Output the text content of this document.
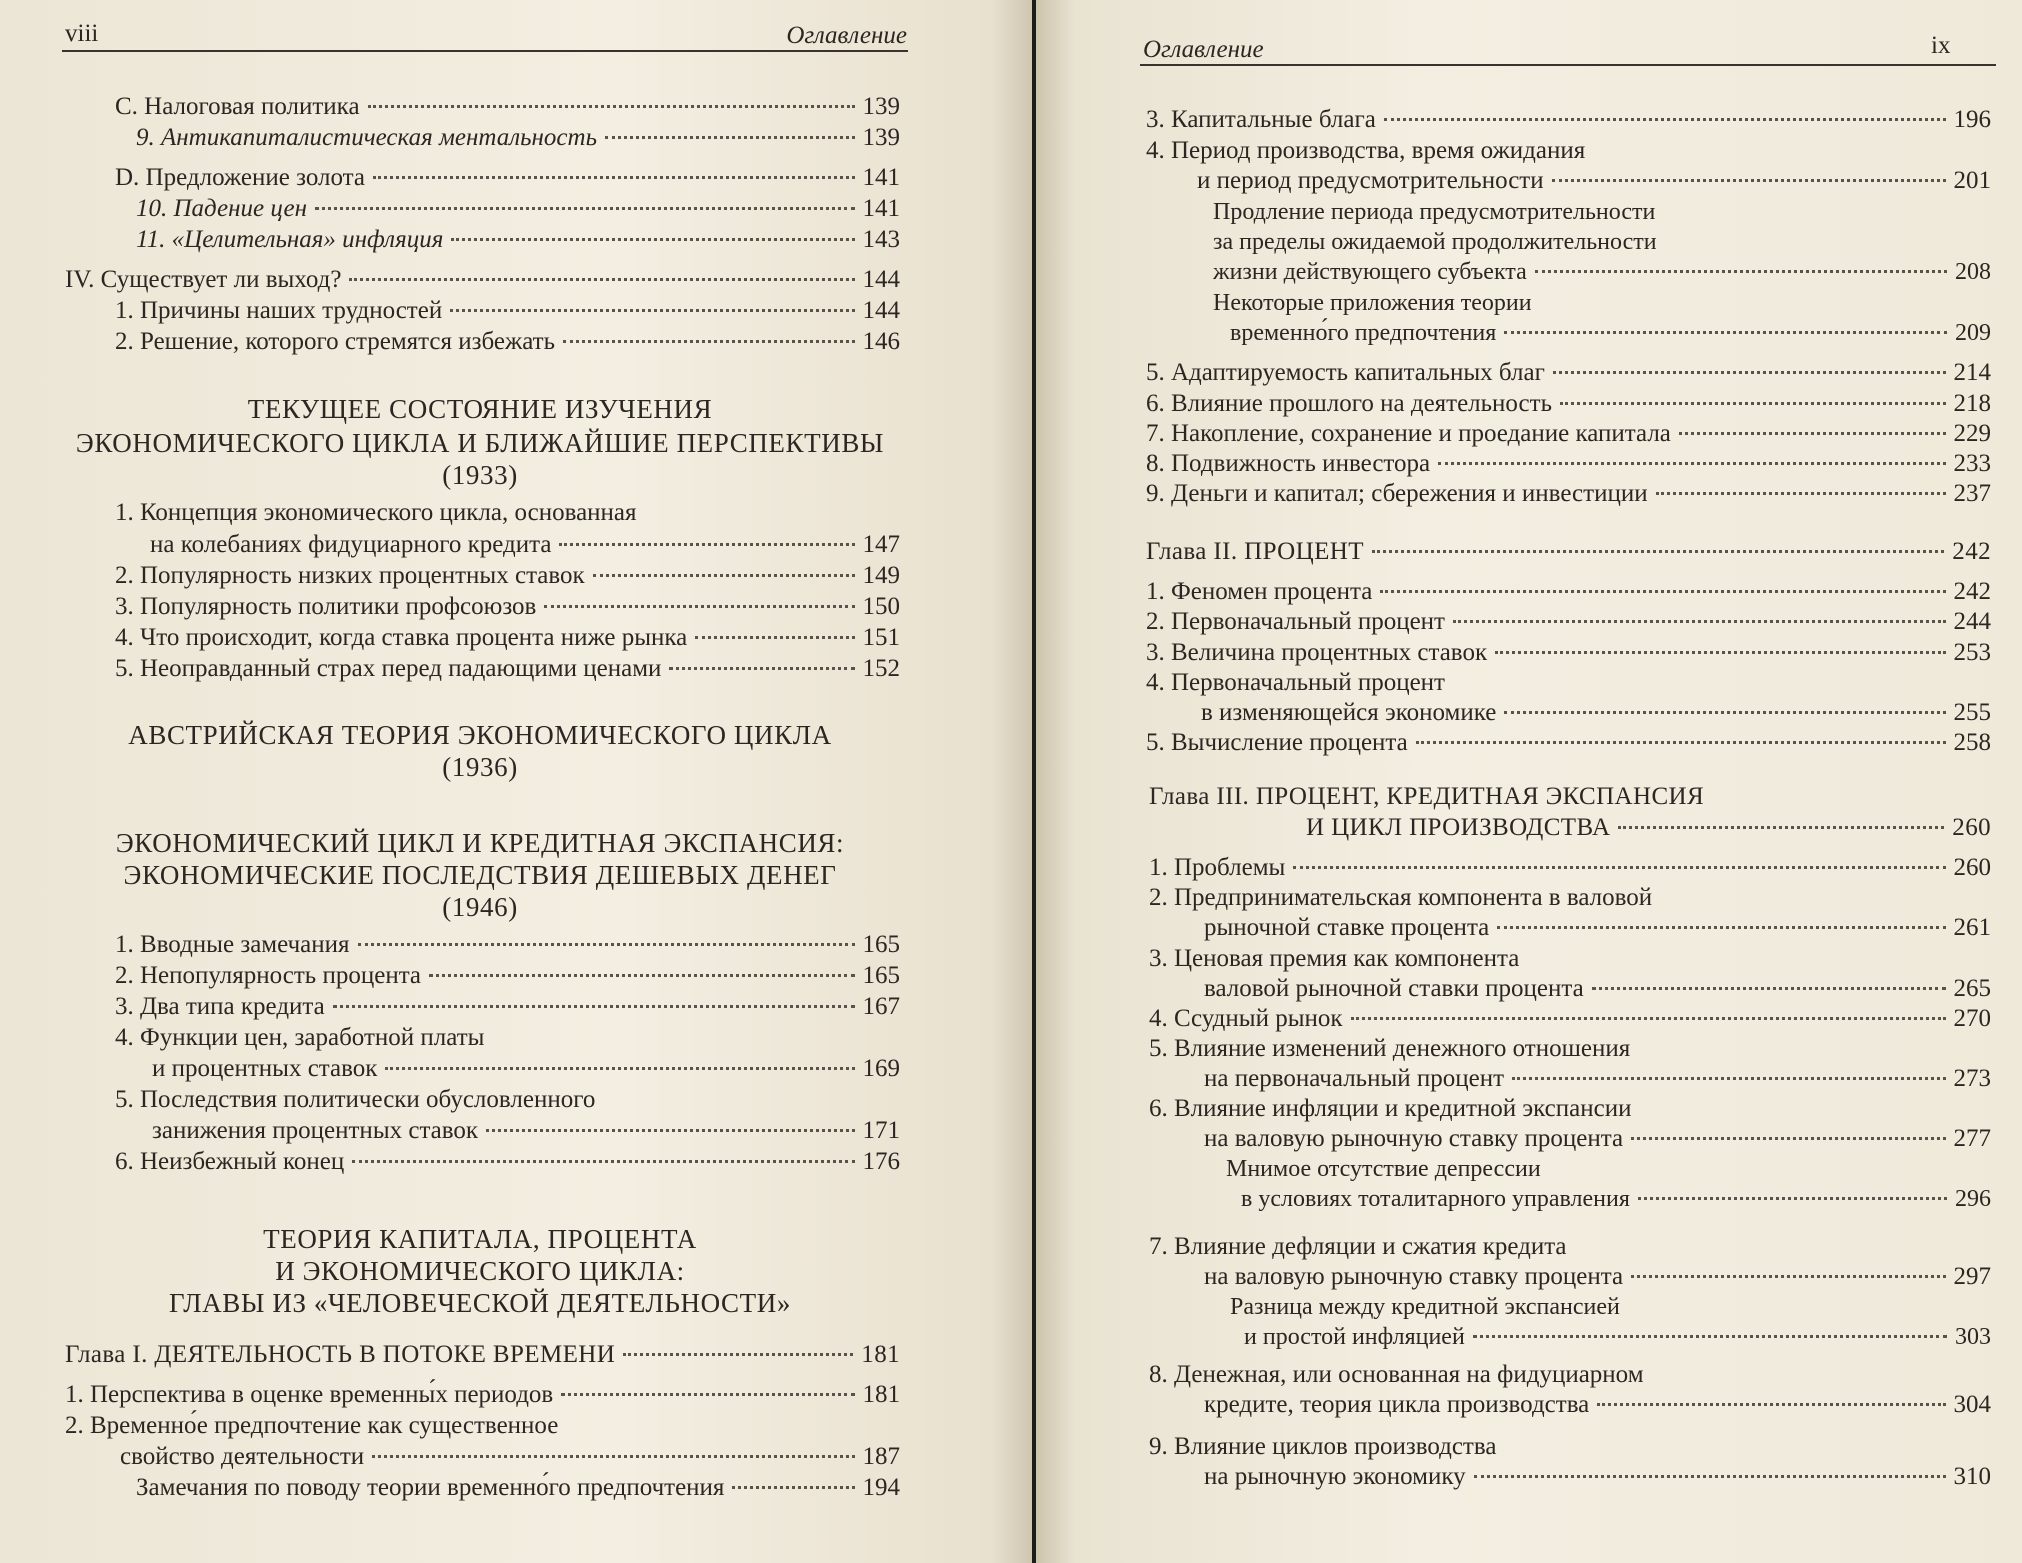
viii	Оглавление
C. Налоговая политика	139
9. Антикапиталистическая ментальность	139
D. Предложение золота	141
10. Падение цен	141
11. «Целительная» инфляция	143
IV. Существует ли выход?	144
1. Причины наших трудностей	144
2. Решение, которого стремятся избежать	146
ТЕКУЩЕЕ СОСТОЯНИЕ ИЗУЧЕНИЯ
ЭКОНОМИЧЕСКОГО ЦИКЛА И БЛИЖАЙШИЕ ПЕРСПЕКТИВЫ
(1933)
1. Концепция экономического цикла, основанная
на колебаниях фидуциарного кредита	147
2. Популярность низких процентных ставок	149
3. Популярность политики профсоюзов	150
4. Что происходит, когда ставка процента ниже рынка	151
5. Неоправданный страх перед падающими ценами	152
АВСТРИЙСКАЯ ТЕОРИЯ ЭКОНОМИЧЕСКОГО ЦИКЛА
(1936)
ЭКОНОМИЧЕСКИЙ ЦИКЛ И КРЕДИТНАЯ ЭКСПАНСИЯ:
ЭКОНОМИЧЕСКИЕ ПОСЛЕДСТВИЯ ДЕШЕВЫХ ДЕНЕГ
(1946)
1. Вводные замечания	165
2. Непопулярность процента	165
3. Два типа кредита	167
4. Функции цен, заработной платы
и процентных ставок	169
5. Последствия политически обусловленного
занижения процентных ставок	171
6. Неизбежный конец	176
ТЕОРИЯ КАПИТАЛА, ПРОЦЕНТА
И ЭКОНОМИЧЕСКОГО ЦИКЛА:
ГЛАВЫ ИЗ «ЧЕЛОВЕЧЕСКОЙ ДЕЯТЕЛЬНОСТИ»
Глава I. ДЕЯТЕЛЬНОСТЬ В ПОТОКЕ ВРЕМЕНИ	181
1. Перспектива в оценке временны́х периодов	181
2. Временно́е предпочтение как существенное
свойство деятельности	187
Замечания по поводу теории временно́го предпочтения	194
Оглавление	ix
3. Капитальные блага	196
4. Период производства, время ожидания
и период предусмотрительности	201
Продление периода предусмотрительности
за пределы ожидаемой продолжительности
жизни действующего субъекта	208
Некоторые приложения теории
временно́го предпочтения	209
5. Адаптируемость капитальных благ	214
6. Влияние прошлого на деятельность	218
7. Накопление, сохранение и проедание капитала	229
8. Подвижность инвестора	233
9. Деньги и капитал; сбережения и инвестиции	237
Глава II. ПРОЦЕНТ	242
1. Феномен процента	242
2. Первоначальный процент	244
3. Величина процентных ставок	253
4. Первоначальный процент
в изменяющейся экономике	255
5. Вычисление процента	258
Глава III. ПРОЦЕНТ, КРЕДИТНАЯ ЭКСПАНСИЯ
И ЦИКЛ ПРОИЗВОДСТВА	260
1. Проблемы	260
2. Предпринимательская компонента в валовой
рыночной ставке процента	261
3. Ценовая премия как компонента
валовой рыночной ставки процента	265
4. Ссудный рынок	270
5. Влияние изменений денежного отношения
на первоначальный процент	273
6. Влияние инфляции и кредитной экспансии
на валовую рыночную ставку процента	277
Мнимое отсутствие депрессии
в условиях тоталитарного управления	296
7. Влияние дефляции и сжатия кредита
на валовую рыночную ставку процента	297
Разница между кредитной экспансией
и простой инфляцией	303
8. Денежная, или основанная на фидуциарном
кредите, теория цикла производства	304
9. Влияние циклов производства
на рыночную экономику	310
